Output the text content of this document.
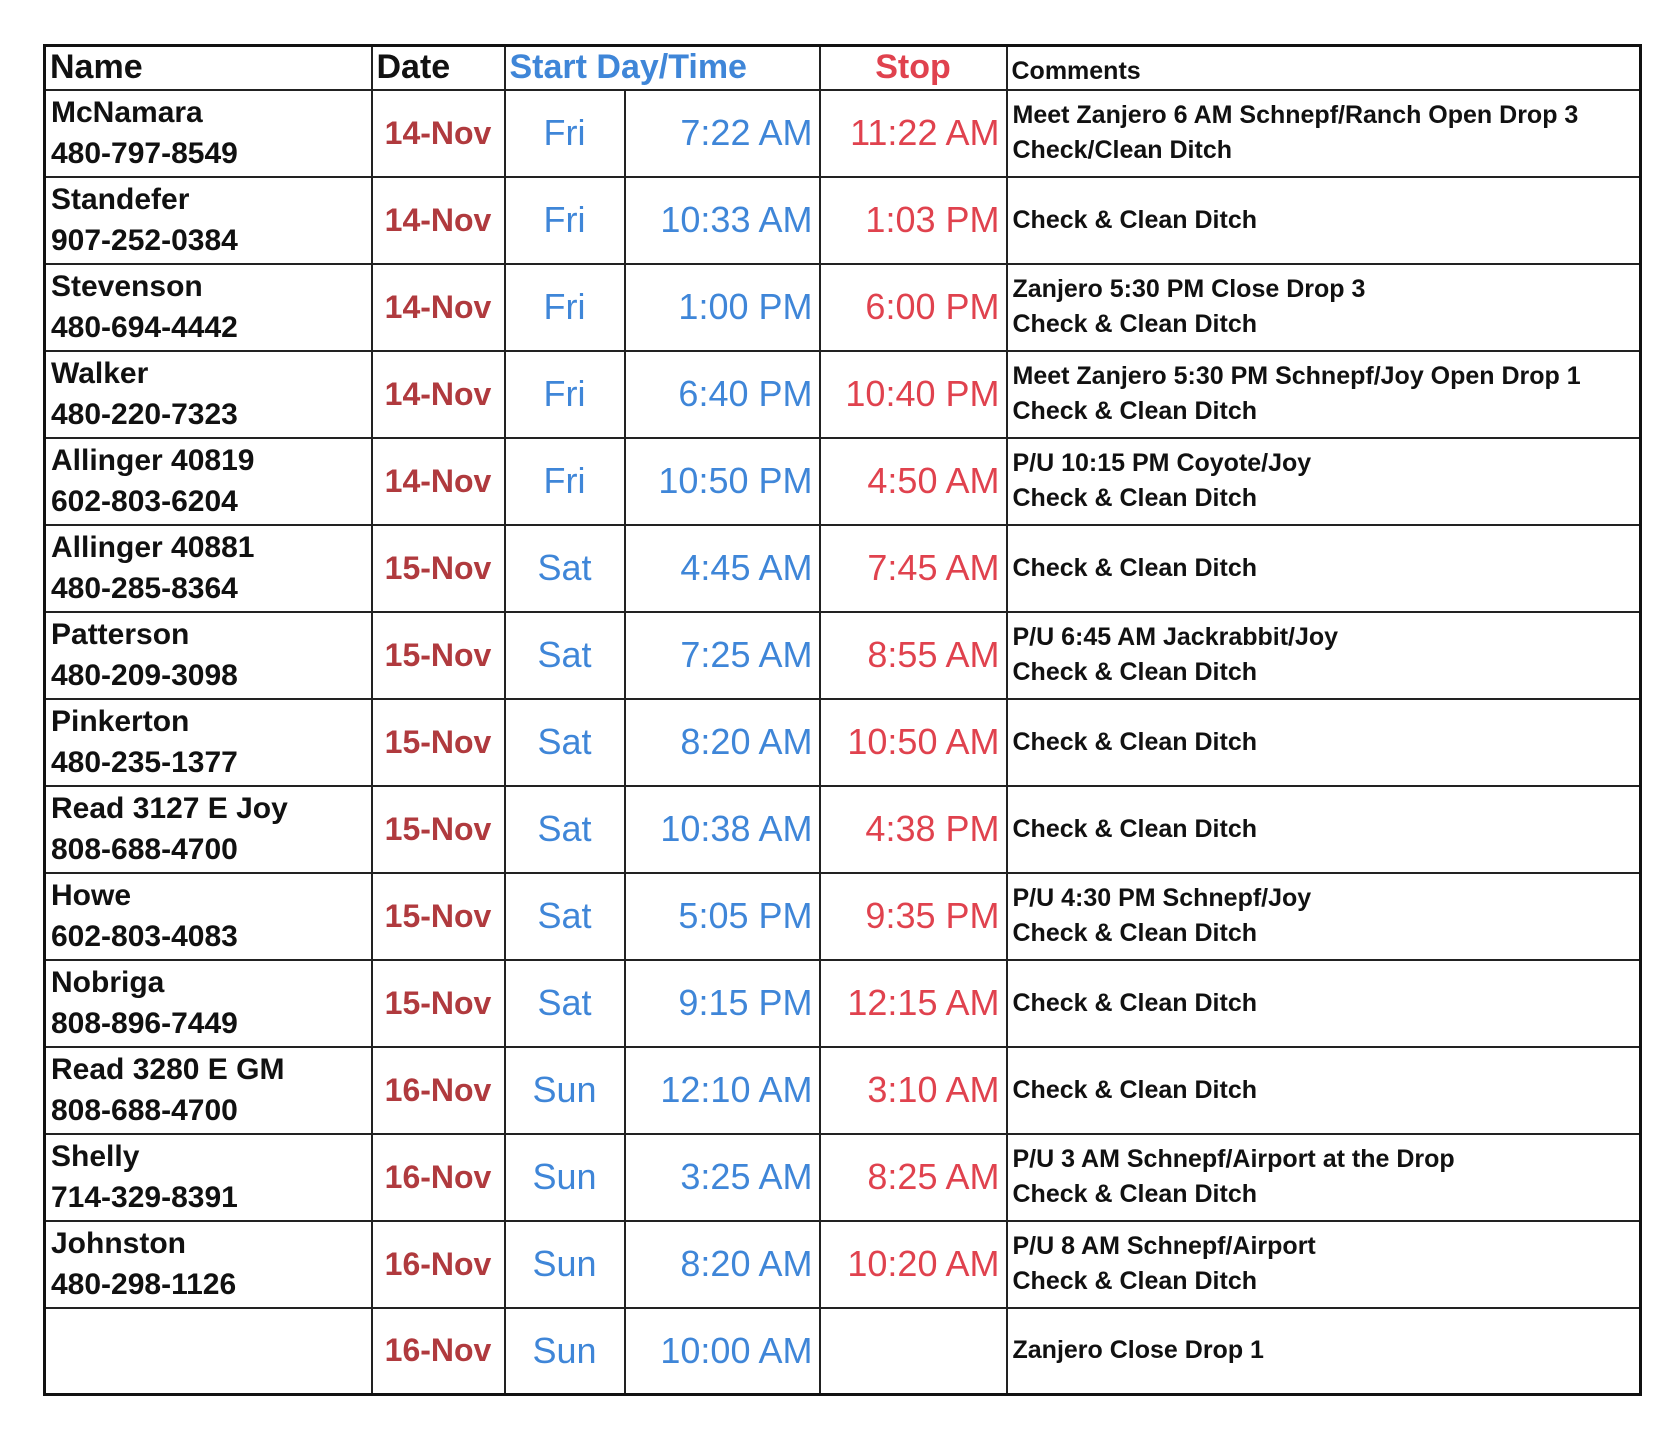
Name	Date	Start Day/Time		Stop	Comments

McNamara
480-797-8549	14-Nov	Fri	7:22 AM	11:22 AM	Meet Zanjero 6 AM Schnepf/Ranch Open Drop 3
Check/Clean Ditch

Standefer
907-252-0384	14-Nov	Fri	10:33 AM	1:03 PM	Check & Clean Ditch

Stevenson
480-694-4442	14-Nov	Fri	1:00 PM	6:00 PM	Zanjero 5:30 PM Close Drop 3
Check & Clean Ditch

Walker
480-220-7323	14-Nov	Fri	6:40 PM	10:40 PM	Meet Zanjero 5:30 PM Schnepf/Joy Open Drop 1
Check & Clean Ditch

Allinger 40819
602-803-6204	14-Nov	Fri	10:50 PM	4:50 AM	P/U 10:15 PM Coyote/Joy
Check & Clean Ditch

Allinger 40881
480-285-8364	15-Nov	Sat	4:45 AM	7:45 AM	Check & Clean Ditch

Patterson
480-209-3098	15-Nov	Sat	7:25 AM	8:55 AM	P/U 6:45 AM Jackrabbit/Joy
Check & Clean Ditch

Pinkerton
480-235-1377	15-Nov	Sat	8:20 AM	10:50 AM	Check & Clean Ditch

Read 3127 E Joy
808-688-4700	15-Nov	Sat	10:38 AM	4:38 PM	Check & Clean Ditch

Howe
602-803-4083	15-Nov	Sat	5:05 PM	9:35 PM	P/U 4:30 PM Schnepf/Joy
Check & Clean Ditch

Nobriga
808-896-7449	15-Nov	Sat	9:15 PM	12:15 AM	Check & Clean Ditch

Read 3280 E GM
808-688-4700	16-Nov	Sun	12:10 AM	3:10 AM	Check & Clean Ditch

Shelly
714-329-8391	16-Nov	Sun	3:25 AM	8:25 AM	P/U 3 AM Schnepf/Airport at the Drop
Check & Clean Ditch

Johnston
480-298-1126	16-Nov	Sun	8:20 AM	10:20 AM	P/U 8 AM Schnepf/Airport
Check & Clean Ditch

	16-Nov	Sun	10:00 AM		Zanjero Close Drop 1
